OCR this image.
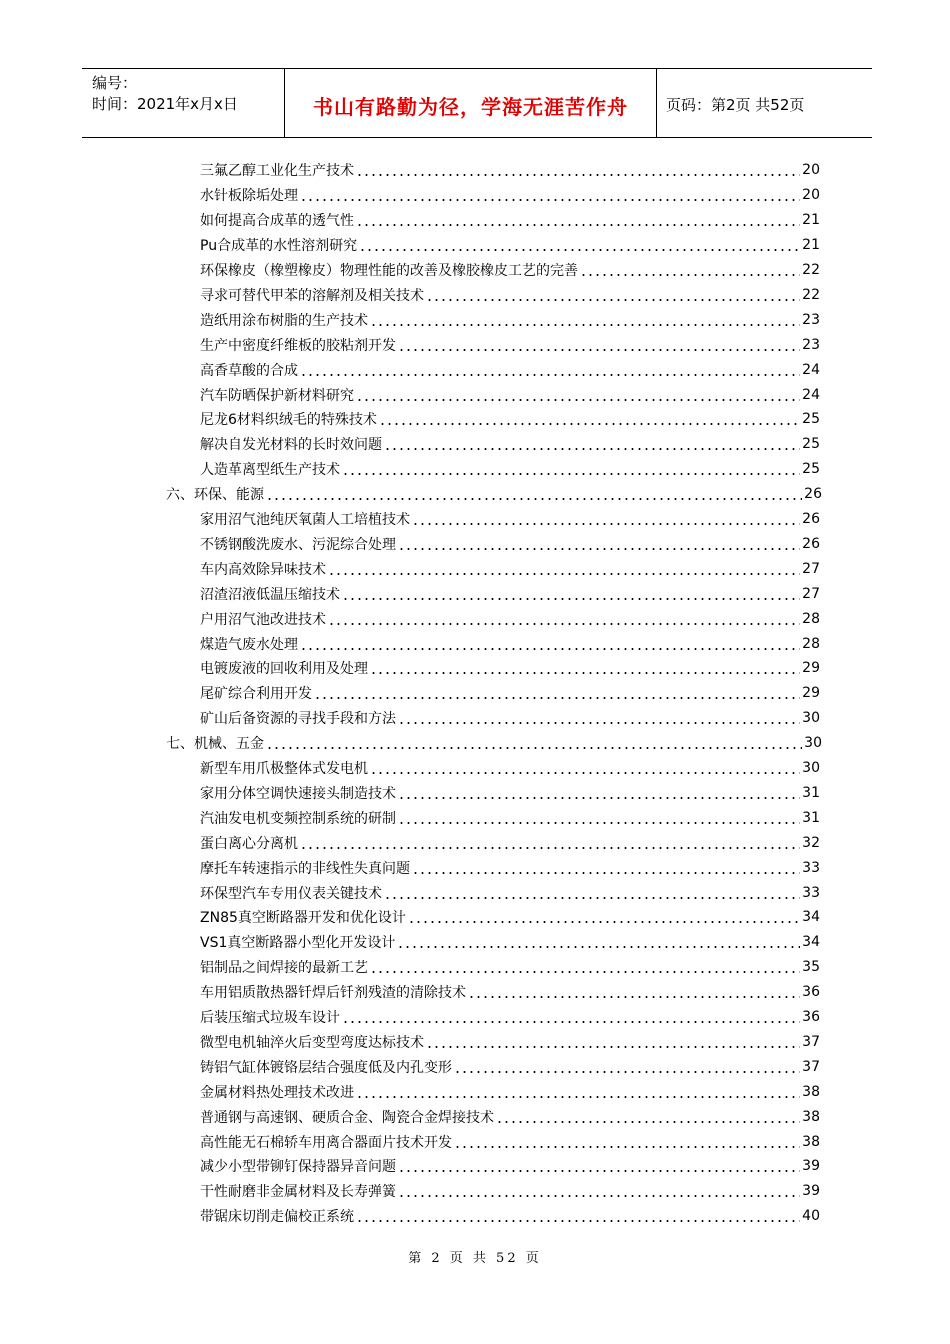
编号：
时间：2021年x月x日	书山有路勤为径，学海无涯苦作舟	页码：第2页 共52页
三氟乙醇工业化生产技术	20
水针板除垢处理	20
如何提高合成革的透气性	21
Pu合成革的水性溶剂研究	21
环保橡皮（橡塑橡皮）物理性能的改善及橡胶橡皮工艺的完善	22
寻求可替代甲苯的溶解剂及相关技术	22
造纸用涂布树脂的生产技术	23
生产中密度纤维板的胶粘剂开发	23
高香草酸的合成	24
汽车防晒保护新材料研究	24
尼龙6材料织绒毛的特殊技术	25
解决自发光材料的长时效问题	25
人造革离型纸生产技术	25
六、环保、能源	26
家用沼气池纯厌氧菌人工培植技术	26
不锈钢酸洗废水、污泥综合处理	26
车内高效除异味技术	27
沼渣沼液低温压缩技术	27
户用沼气池改进技术	28
煤造气废水处理	28
电镀废液的回收利用及处理	29
尾矿综合利用开发	29
矿山后备资源的寻找手段和方法	30
七、机械、五金	30
新型车用爪极整体式发电机	30
家用分体空调快速接头制造技术	31
汽油发电机变频控制系统的研制	31
蛋白离心分离机	32
摩托车转速指示的非线性失真问题	33
环保型汽车专用仪表关键技术	33
ZN85真空断路器开发和优化设计	34
VS1真空断路器小型化开发设计	34
铝制品之间焊接的最新工艺	35
车用铝质散热器钎焊后钎剂残渣的清除技术	36
后装压缩式垃圾车设计	36
微型电机轴淬火后变型弯度达标技术	37
铸铝气缸体镀铬层结合强度低及内孔变形	37
金属材料热处理技术改进	38
普通钢与高速钢、硬质合金、陶瓷合金焊接技术	38
高性能无石棉轿车用离合器面片技术开发	38
减少小型带铆钉保持器异音问题	39
干性耐磨非金属材料及长寿弹簧	39
带锯床切削走偏校正系统	40
第 2 页 共 52 页
